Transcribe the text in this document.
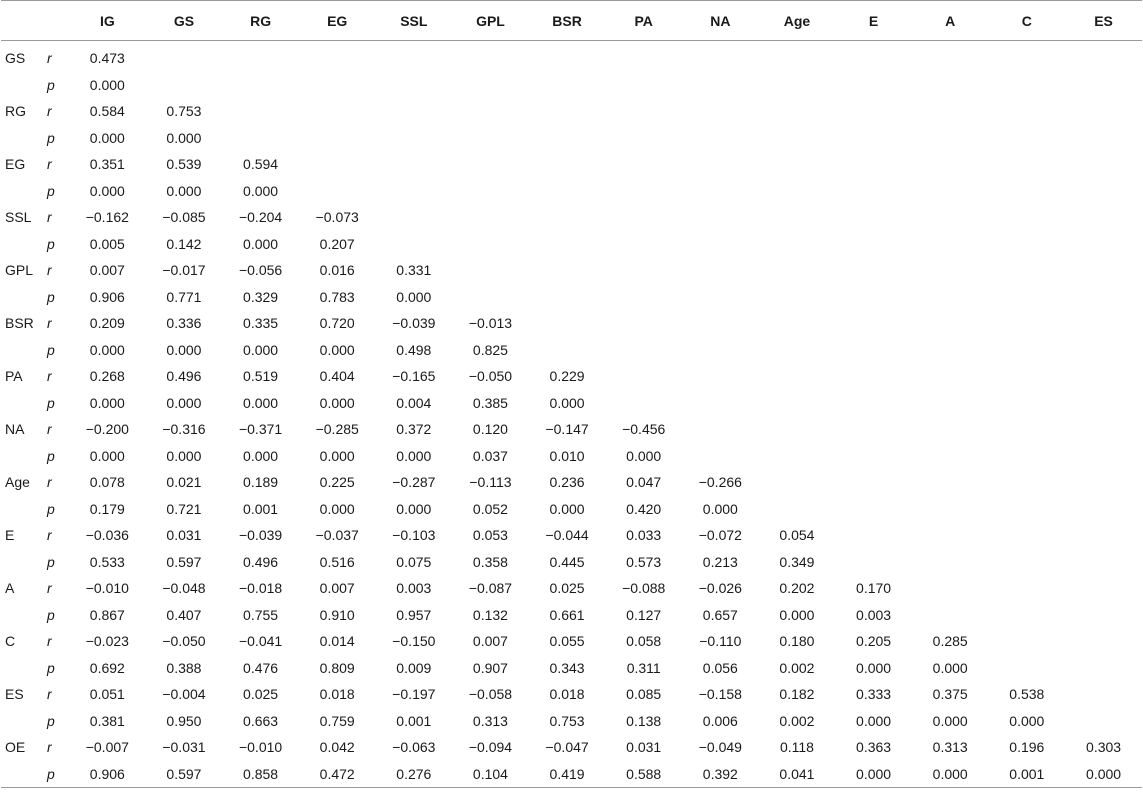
		IG	GS	RG	EG	SSL	GPL	BSR	PA	NA	Age	E	A	C	ES
GS	r	0.473													
	p	0.000													
RG	r	0.584	0.753												
	p	0.000	0.000												
EG	r	0.351	0.539	0.594											
	p	0.000	0.000	0.000											
SSL	r	−0.162	−0.085	−0.204	−0.073										
	p	0.005	0.142	0.000	0.207										
GPL	r	0.007	−0.017	−0.056	0.016	0.331									
	p	0.906	0.771	0.329	0.783	0.000									
BSR	r	0.209	0.336	0.335	0.720	−0.039	−0.013								
	p	0.000	0.000	0.000	0.000	0.498	0.825								
PA	r	0.268	0.496	0.519	0.404	−0.165	−0.050	0.229							
	p	0.000	0.000	0.000	0.000	0.004	0.385	0.000							
NA	r	−0.200	−0.316	−0.371	−0.285	0.372	0.120	−0.147	−0.456						
	p	0.000	0.000	0.000	0.000	0.000	0.037	0.010	0.000						
Age	r	0.078	0.021	0.189	0.225	−0.287	−0.113	0.236	0.047	−0.266					
	p	0.179	0.721	0.001	0.000	0.000	0.052	0.000	0.420	0.000					
E	r	−0.036	0.031	−0.039	−0.037	−0.103	0.053	−0.044	0.033	−0.072	0.054				
	p	0.533	0.597	0.496	0.516	0.075	0.358	0.445	0.573	0.213	0.349				
A	r	−0.010	−0.048	−0.018	0.007	0.003	−0.087	0.025	−0.088	−0.026	0.202	0.170			
	p	0.867	0.407	0.755	0.910	0.957	0.132	0.661	0.127	0.657	0.000	0.003			
C	r	−0.023	−0.050	−0.041	0.014	−0.150	0.007	0.055	0.058	−0.110	0.180	0.205	0.285		
	p	0.692	0.388	0.476	0.809	0.009	0.907	0.343	0.311	0.056	0.002	0.000	0.000		
ES	r	0.051	−0.004	0.025	0.018	−0.197	−0.058	0.018	0.085	−0.158	0.182	0.333	0.375	0.538	
	p	0.381	0.950	0.663	0.759	0.001	0.313	0.753	0.138	0.006	0.002	0.000	0.000	0.000	
OE	r	−0.007	−0.031	−0.010	0.042	−0.063	−0.094	−0.047	0.031	−0.049	0.118	0.363	0.313	0.196	0.303
	p	0.906	0.597	0.858	0.472	0.276	0.104	0.419	0.588	0.392	0.041	0.000	0.000	0.001	0.000
